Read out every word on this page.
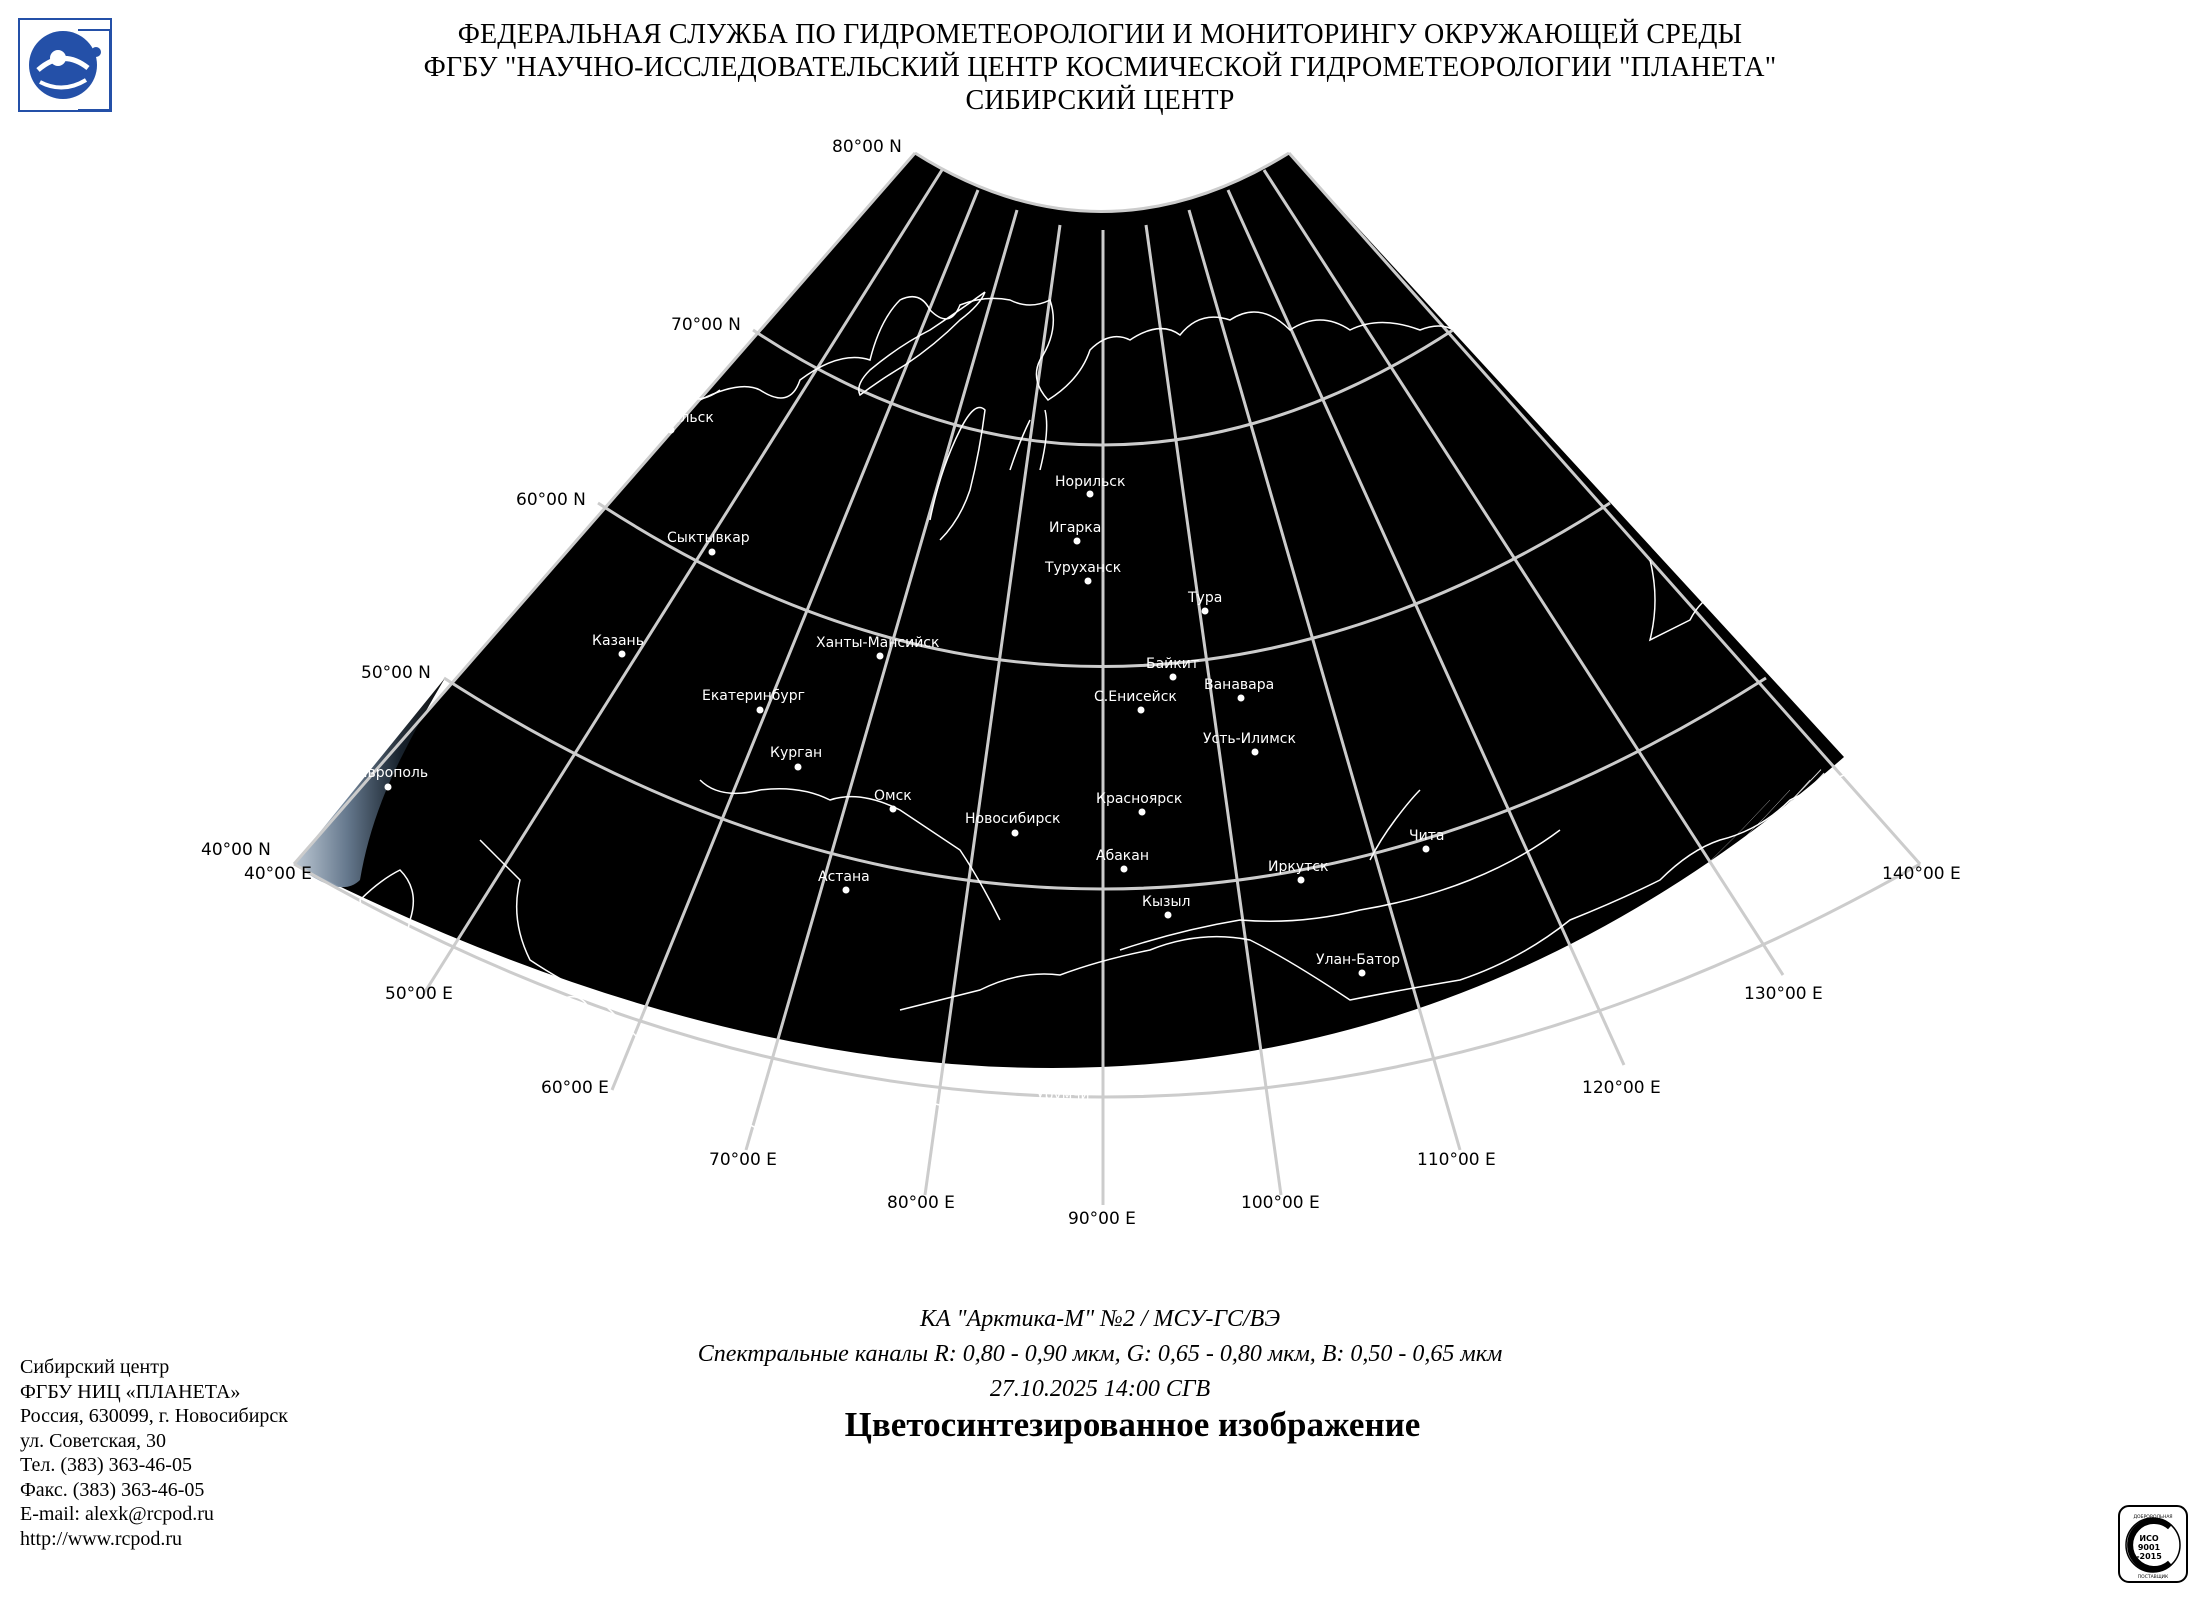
ФЕДЕРАЛЬНАЯ СЛУЖБА ПО ГИДРОМЕТЕОРОЛОГИИ И МОНИТОРИНГУ ОКРУЖАЮЩЕЙ СРЕДЫ
ФГБУ "НАУЧНО-ИССЛЕДОВАТЕЛЬСКИЙ ЦЕНТР КОСМИЧЕСКОЙ ГИДРОМЕТЕОРОЛОГИИ "ПЛАНЕТА"
СИБИРСКИЙ ЦЕНТР
80°00 N
70°00 N
60°00 N
50°00 N
40°00 N
40°00 E
50°00 E
60°00 E
70°00 E
80°00 E
90°00 E
100°00 E
110°00 E
120°00 E
130°00 E
140°00 E
Архангельск
Сыктывкар
Казань
Ставрополь
Екатеринбург
Курган
Ханты-Мансийск
Омск
Астана
Новосибирск
Норильск
Игарка
Туруханск
Тура
Байкит
С.Енисейск
Ванавара
Усть-Илимск
Красноярск
Абакан
Кызыл
Иркутск
Чита
Улан-Батор
Урумчи
КА "Арктика-М" №2 / МСУ-ГС/ВЭ
Спектральные каналы R: 0,80 - 0,90 мкм, G: 0,65 - 0,80 мкм, B: 0,50 - 0,65 мкм
27.10.2025 14:00 СГВ
Цветосинтезированное изображение
Сибирский центр
ФГБУ НИЦ «ПЛАНЕТА»
Россия, 630099, г. Новосибирск
ул. Советская, 30
Тел. (383) 363-46-05
Факс. (383) 363-46-05
E-mail: alexk@rcpod.ru
http://www.rcpod.ru
ДОБРОВОЛЬНАЯ
ИСО
9001
-2015
ПОСТАВЩИК
